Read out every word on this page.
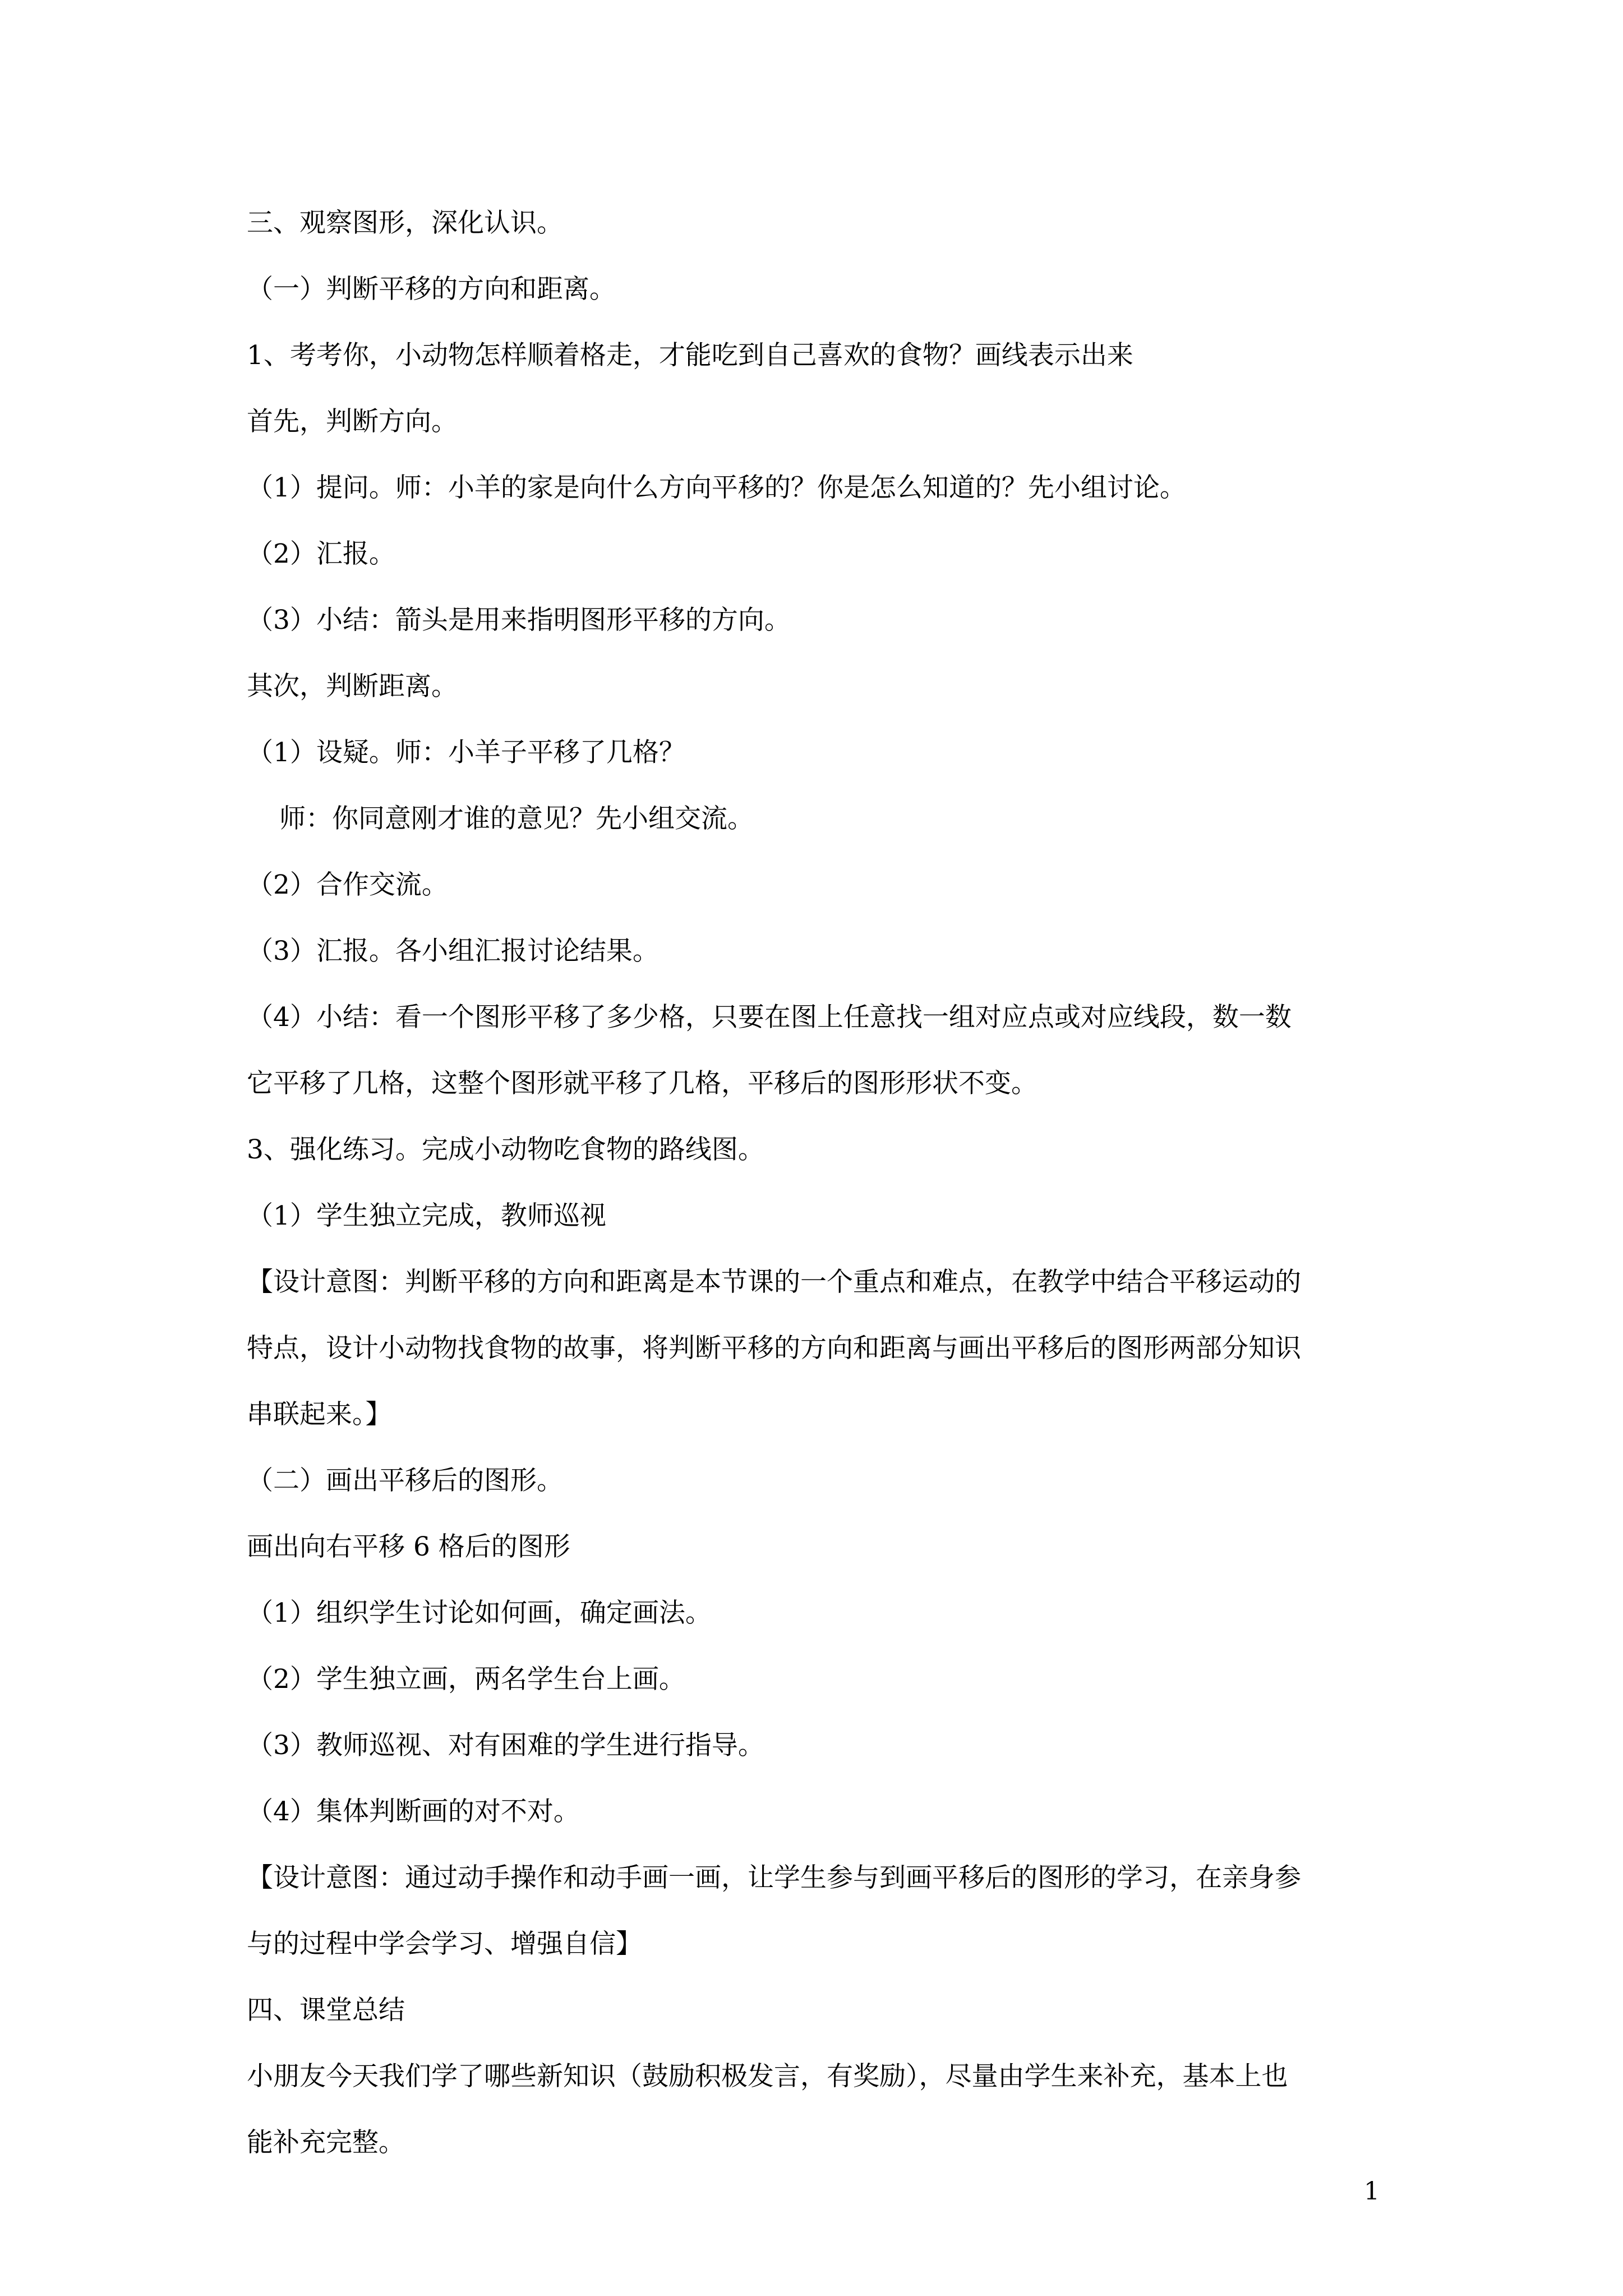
三、观察图形，深化认识。
（一）判断平移的方向和距离。
1、考考你，小动物怎样顺着格走，才能吃到自己喜欢的食物？画线表示出来
首先，判断方向。
（1）提问。师：小羊的家是向什么方向平移的？你是怎么知道的？先小组讨论。
（2）汇报。
（3）小结：箭头是用来指明图形平移的方向。
其次，判断距离。
（1）设疑。师：小羊子平移了几格？
师：你同意刚才谁的意见？先小组交流。
（2）合作交流。
（3）汇报。各小组汇报讨论结果。
（4）小结：看一个图形平移了多少格，只要在图上任意找一组对应点或对应线段，数一数
它平移了几格，这整个图形就平移了几格，平移后的图形形状不变。
3、强化练习。完成小动物吃食物的路线图。
（1）学生独立完成，教师巡视
【设计意图：判断平移的方向和距离是本节课的一个重点和难点，在教学中结合平移运动的
特点，设计小动物找食物的故事，将判断平移的方向和距离与画出平移后的图形两部分知识
串联起来。】
（二）画出平移后的图形。
画出向右平移 6 格后的图形
（1）组织学生讨论如何画，确定画法。
（2）学生独立画，两名学生台上画。
（3）教师巡视、对有困难的学生进行指导。
（4）集体判断画的对不对。
【设计意图：通过动手操作和动手画一画，让学生参与到画平移后的图形的学习，在亲身参
与的过程中学会学习、增强自信】
四、课堂总结
小朋友今天我们学了哪些新知识（鼓励积极发言，有奖励），尽量由学生来补充，基本上也
能补充完整。
1
